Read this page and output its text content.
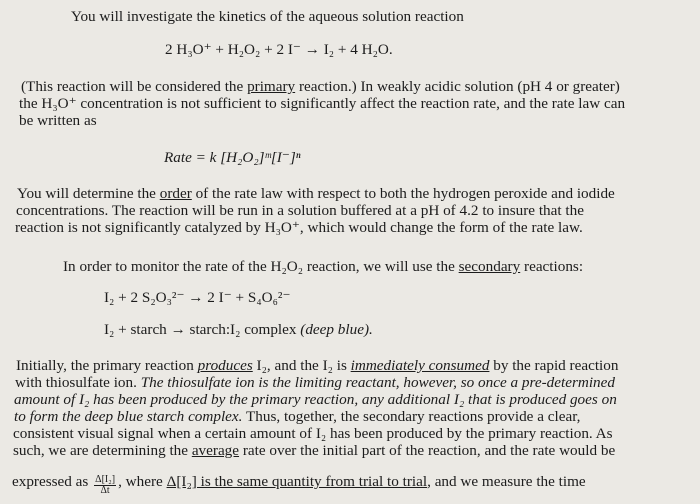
You will investigate the kinetics of the aqueous solution reaction
2 H₃O⁺ + H₂O₂ + 2 I⁻ → I₂ + 4 H₂O.
(This reaction will be considered the primary reaction.) In weakly acidic solution (pH 4 or greater)
the H₃O⁺ concentration is not sufficient to significantly affect the reaction rate, and the rate law can
be written as
Rate = k [H₂O₂]ᵐ[I⁻]ⁿ
You will determine the order of the rate law with respect to both the hydrogen peroxide and iodide
concentrations. The reaction will be run in a solution buffered at a pH of 4.2 to insure that the
reaction is not significantly catalyzed by H₃O⁺, which would change the form of the rate law.
In order to monitor the rate of the H₂O₂ reaction, we will use the secondary reactions:
I₂ + 2 S₂O₃²⁻ → 2 I⁻ + S₄O₆²⁻
I₂ + starch → starch:I₂ complex (deep blue).
Initially, the primary reaction produces I₂, and the I₂ is immediately consumed by the rapid reaction
with thiosulfate ion. The thiosulfate ion is the limiting reactant, however, so once a pre-determined
amount of I₂ has been produced by the primary reaction, any additional I₂ that is produced goes on
to form the deep blue starch complex. Thus, together, the secondary reactions provide a clear,
consistent visual signal when a certain amount of I₂ has been produced by the primary reaction. As
such, we are determining the average rate over the initial part of the reaction, and the rate would be
expressed as $\frac{\text{Δ[I₂]}}{\Delta t}$ , where Δ[I₂] is the same quantity from trial to trial, and we measure the time
